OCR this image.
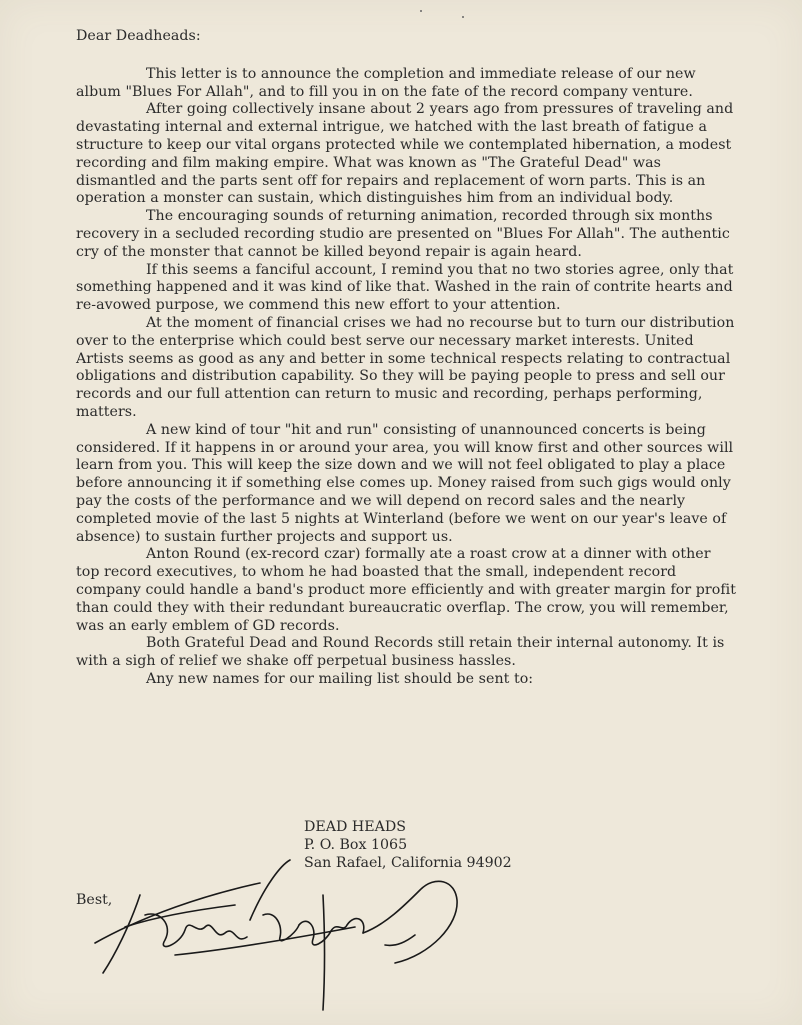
Dear Deadheads:

This letter is to announce the completion and immediate release of our new album "Blues For Allah", and to fill you in on the fate of the record company venture.

After going collectively insane about 2 years ago from pressures of traveling and devastating internal and external intrigue, we hatched with the last breath of fatigue a structure to keep our vital organs protected while we contemplated hibernation, a modest recording and film making empire. What was known as "The Grateful Dead" was dismantled and the parts sent off for repairs and replacement of worn parts. This is an operation a monster can sustain, which distinguishes him from an individual body.

The encouraging sounds of returning animation, recorded through six months recovery in a secluded recording studio are presented on "Blues For Allah". The authentic cry of the monster that cannot be killed beyond repair is again heard.

If this seems a fanciful account, I remind you that no two stories agree, only that something happened and it was kind of like that. Washed in the rain of contrite hearts and re-avowed purpose, we commend this new effort to your attention.

At the moment of financial crises we had no recourse but to turn our distribution over to the enterprise which could best serve our necessary market interests. United Artists seems as good as any and better in some technical respects relating to contractual obligations and distribution capability. So they will be paying people to press and sell our records and our full attention can return to music and recording, perhaps performing, matters.

A new kind of tour "hit and run" consisting of unannounced concerts is being considered. If it happens in or around your area, you will know first and other sources will learn from you. This will keep the size down and we will not feel obligated to play a place before announcing it if something else comes up. Money raised from such gigs would only pay the costs of the performance and we will depend on record sales and the nearly completed movie of the last 5 nights at Winterland (before we went on our year's leave of absence) to sustain further projects and support us.

Anton Round (ex-record czar) formally ate a roast crow at a dinner with other top record executives, to whom he had boasted that the small, independent record company could handle a band's product more efficiently and with greater margin for profit than could they with their redundant bureaucratic overflap. The crow, you will remember, was an early emblem of GD records.

Both Grateful Dead and Round Records still retain their internal autonomy. It is with a sigh of relief we shake off perpetual business hassles.

Any new names for our mailing list should be sent to:

DEAD HEADS
P. O. Box 1065
San Rafael, California 94902
Best,
